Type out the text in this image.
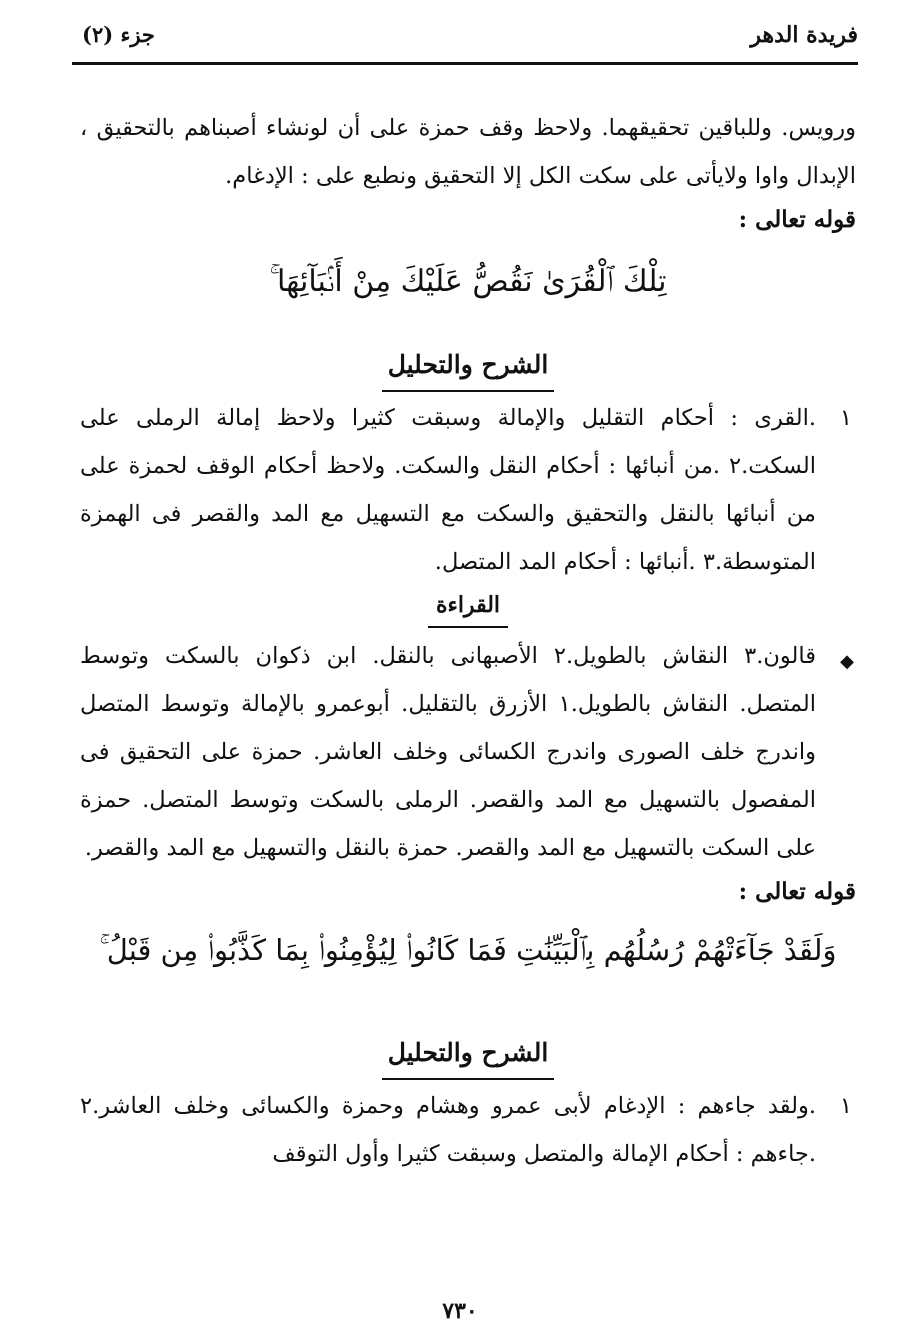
فريدة الدهر
جزء (٢)

ورويس. وللباقين تحقيقهما. ولاحظ وقف حمزة على أن لونشاء أصبناهم بالتحقيق ، الإبدال واوا ولايأتى على سكت الكل إلا التحقيق ونطبع على : الإدغام.

قوله تعالى :
تِلْكَ ٱلْقُرَىٰ نَقُصُّ عَلَيْكَ مِنْ أَنۢبَآئِهَا ۚ
الشرح والتحليل
١
.القرى : أحكام التقليل والإمالة وسبقت كثيرا ولاحظ إمالة الرملى على السكت.٢ .من أنبائها : أحكام النقل والسكت. ولاحظ أحكام الوقف لحمزة على من أنبائها بالنقل والتحقيق والسكت مع التسهيل مع المد والقصر فى الهمزة المتوسطة.٣ .أنبائها : أحكام المد المتصل.
القراءة
◆
قالون.٣ النقاش بالطويل.٢ الأصبهانى بالنقل. ابن ذكوان بالسكت وتوسط المتصل. النقاش بالطويل.١ الأزرق بالتقليل. أبوعمرو بالإمالة وتوسط المتصل واندرج خلف الصورى واندرج الكسائى وخلف العاشر. حمزة على التحقيق فى المفصول بالتسهيل مع المد والقصر. الرملى بالسكت وتوسط المتصل. حمزة على السكت بالتسهيل مع المد والقصر. حمزة بالنقل والتسهيل مع المد والقصر.
قوله تعالى :
وَلَقَدْ جَآءَتْهُمْ رُسُلُهُم بِٱلْبَيِّنَٰتِ فَمَا كَانُوا۟ لِيُؤْمِنُوا۟ بِمَا كَذَّبُوا۟ مِن قَبْلُ ۚ
الشرح والتحليل
١
.ولقد جاءهم : الإدغام لأبى عمرو وهشام وحمزة والكسائى وخلف العاشر.٢ .جاءهم : أحكام الإمالة والمتصل وسبقت كثيرا وأول التوقف
٧٣٠
